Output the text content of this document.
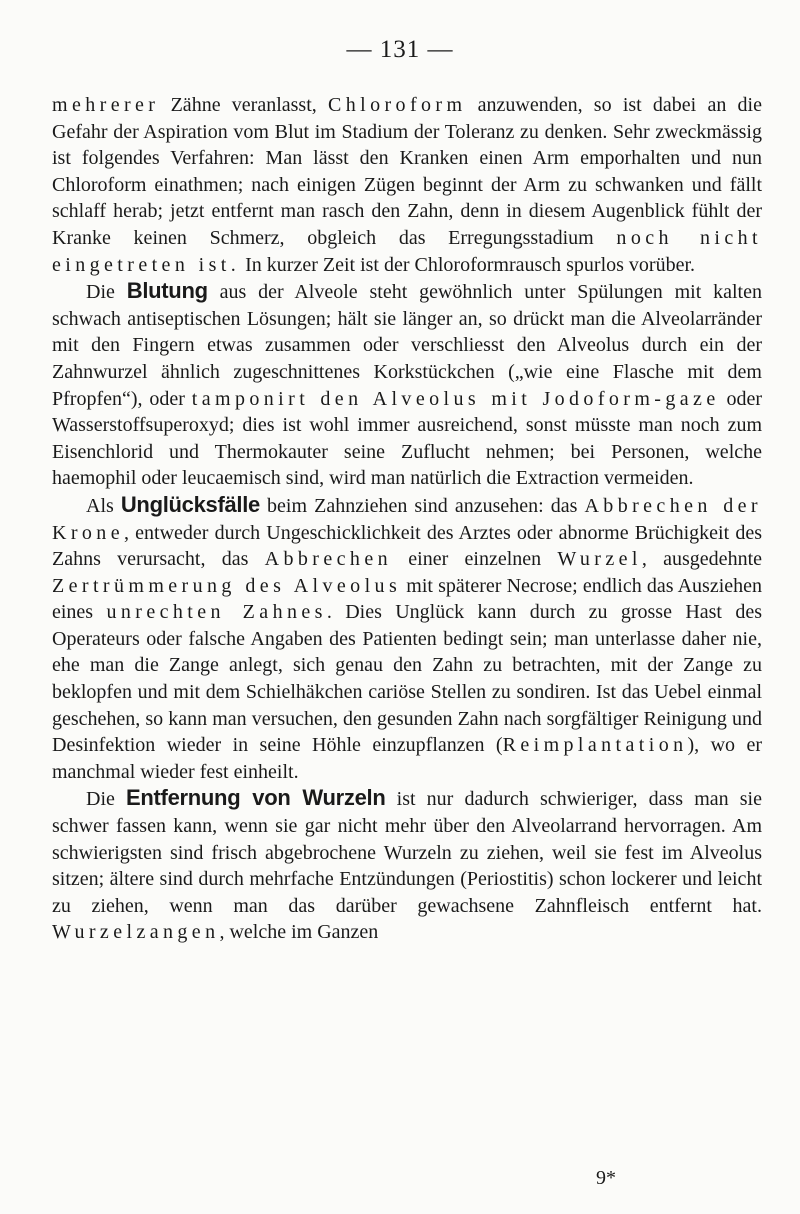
— 131 —

mehrerer Zähne veranlasst, Chloroform anzuwenden, so ist dabei an die Gefahr der Aspiration vom Blut im Stadium der Toleranz zu denken. Sehr zweckmässig ist folgendes Verfahren: Man lässt den Kranken einen Arm emporhalten und nun Chloroform einathmen; nach einigen Zügen beginnt der Arm zu schwanken und fällt schlaff herab; jetzt entfernt man rasch den Zahn, denn in diesem Augenblick fühlt der Kranke keinen Schmerz, obgleich das Erregungsstadium noch nicht eingetreten ist. In kurzer Zeit ist der Chloroformrausch spurlos vorüber.

Die Blutung aus der Alveole steht gewöhnlich unter Spülungen mit kalten schwach antiseptischen Lösungen; hält sie länger an, so drückt man die Alveolarränder mit den Fingern etwas zusammen oder verschliesst den Alveolus durch ein der Zahnwurzel ähnlich zugeschnittenes Korkstückchen („wie eine Flasche mit dem Pfropfen“), oder tamponirt den Alveolus mit Jodoform-gaze oder Wasserstoffsuperoxyd; dies ist wohl immer ausreichend, sonst müsste man noch zum Eisenchlorid und Thermokauter seine Zuflucht nehmen; bei Personen, welche haemophil oder leucaemisch sind, wird man natürlich die Extraction vermeiden.

Als Unglücksfälle beim Zahnziehen sind anzusehen: das Abbrechen der Krone, entweder durch Ungeschicklichkeit des Arztes oder abnorme Brüchigkeit des Zahns verursacht, das Abbrechen einer einzelnen Wurzel, ausgedehnte Zertrümmerung des Alveolus mit späterer Necrose; endlich das Ausziehen eines unrechten Zahnes. Dies Unglück kann durch zu grosse Hast des Operateurs oder falsche Angaben des Patienten bedingt sein; man unterlasse daher nie, ehe man die Zange anlegt, sich genau den Zahn zu betrachten, mit der Zange zu beklopfen und mit dem Schielhäkchen cariöse Stellen zu sondiren. Ist das Uebel einmal geschehen, so kann man versuchen, den gesunden Zahn nach sorgfältiger Reinigung und Desinfektion wieder in seine Höhle einzupflanzen (Reimplantation), wo er manchmal wieder fest einheilt.

Die Entfernung von Wurzeln ist nur dadurch schwieriger, dass man sie schwer fassen kann, wenn sie gar nicht mehr über den Alveolarrand hervorragen. Am schwierigsten sind frisch abgebrochene Wurzeln zu ziehen, weil sie fest im Alveolus sitzen; ältere sind durch mehrfache Entzündungen (Periostitis) schon lockerer und leicht zu ziehen, wenn man das darüber gewachsene Zahnfleisch entfernt hat. Wurzelzangen, welche im Ganzen

9*
